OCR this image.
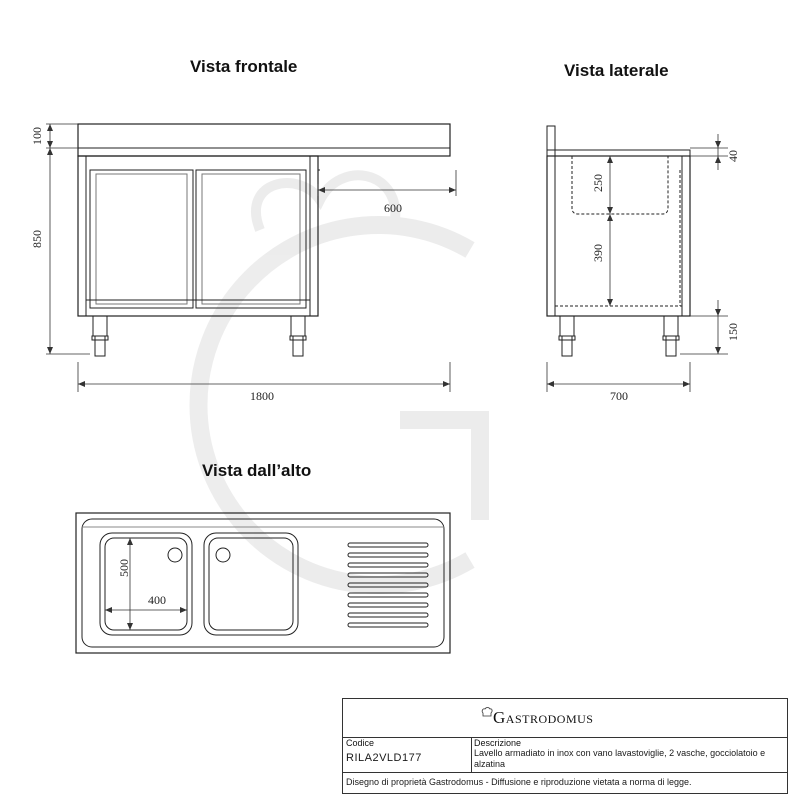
100
850
600
1800
40
250
390
150
700
500
400
Vista frontale	Vista laterale
Vista dall’alto
Gastrodomus
Codice
RILA2VLD177
Descrizione
Lavello armadiato in inox con vano lavastoviglie, 2 vasche, gocciolatoio e alzatina
Disegno di proprietà Gastrodomus - Diffusione e riproduzione vietata a norma di legge.
